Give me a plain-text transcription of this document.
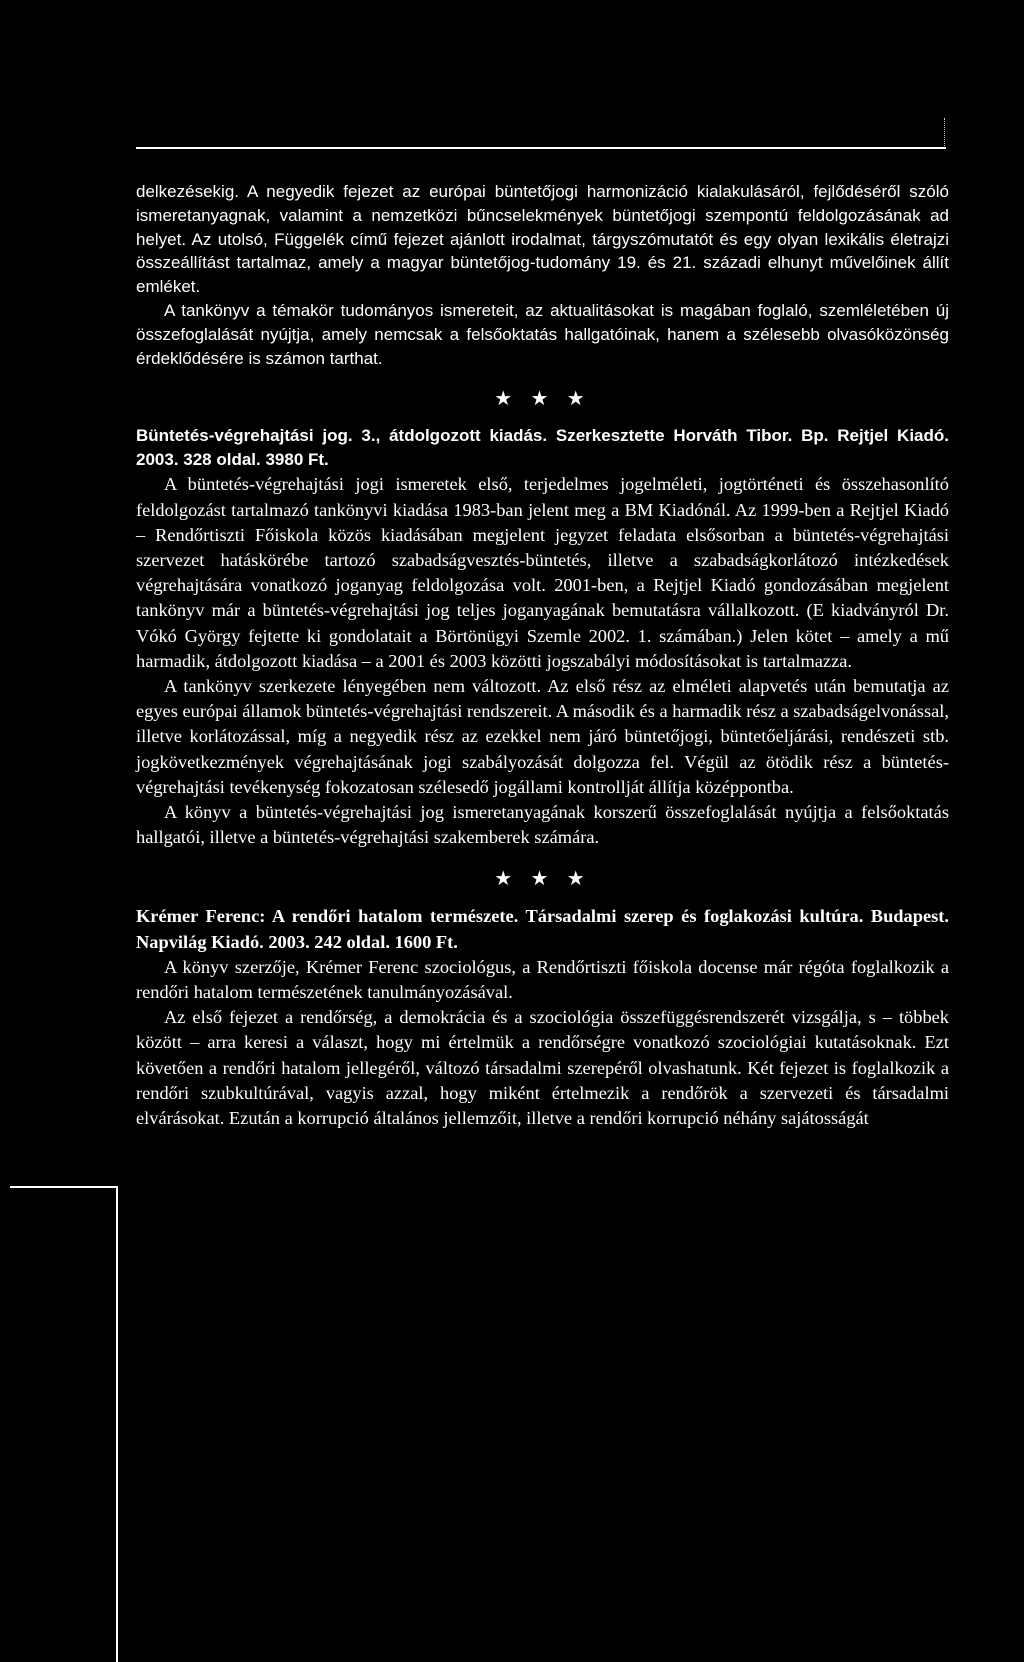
delkezésekig. A negyedik fejezet az európai büntetőjogi harmonizáció kialakulásáról, fejlődéséről szóló ismeretanyagnak, valamint a nemzetközi bűncselekmények büntetőjogi szempontú feldolgozásának ad helyet. Az utolsó, Függelék című fejezet ajánlott irodalmat, tárgyszómutatót és egy olyan lexikális életrajzi összeállítást tartalmaz, amely a magyar büntetőjog-tudomány 19. és 21. századi elhunyt művelőinek állít emléket.

A tankönyv a témakör tudományos ismereteit, az aktualitásokat is magában foglaló, szemléletében új összefoglalását nyújtja, amely nemcsak a felsőoktatás hallgatóinak, hanem a szélesebb olvasóközönség érdeklődésére is számon tarthat.

★ ★ ★

Büntetés-végrehajtási jog. 3., átdolgozott kiadás. Szerkesztette Horváth Tibor. Bp. Rejtjel Kiadó. 2003. 328 oldal. 3980 Ft.

A büntetés-végrehajtási jogi ismeretek első, terjedelmes jogelméleti, jogtörténeti és összehasonlító feldolgozást tartalmazó tankönyvi kiadása 1983-ban jelent meg a BM Kiadónál. Az 1999-ben a Rejtjel Kiadó – Rendőrtiszti Főiskola közös kiadásában megjelent jegyzet feladata elsősorban a büntetés-végrehajtási szervezet hatáskörébe tartozó szabadságvesztés-büntetés, illetve a szabadságkorlátozó intézkedések végrehajtására vonatkozó joganyag feldolgozása volt. 2001-ben, a Rejtjel Kiadó gondozásában megjelent tankönyv már a büntetés-végrehajtási jog teljes joganyagának bemutatásra vállalkozott. (E kiadványról Dr. Vókó György fejtette ki gondolatait a Börtönügyi Szemle 2002. 1. számában.) Jelen kötet – amely a mű harmadik, átdolgozott kiadása – a 2001 és 2003 közötti jogszabályi módosításokat is tartalmazza.

A tankönyv szerkezete lényegében nem változott. Az első rész az elméleti alapvetés után bemutatja az egyes európai államok büntetés-végrehajtási rendszereit. A második és a harmadik rész a szabadságelvonással, illetve korlátozással, míg a negyedik rész az ezekkel nem járó büntetőjogi, büntetőeljárási, rendészeti stb. jogkövetkezmények végrehajtásának jogi szabályozását dolgozza fel. Végül az ötödik rész a büntetés-végrehajtási tevékenység fokozatosan szélesedő jogállami kontrollját állítja középpontba.

A könyv a büntetés-végrehajtási jog ismeretanyagának korszerű összefoglalását nyújtja a felsőoktatás hallgatói, illetve a büntetés-végrehajtási szakemberek számára.

★ ★ ★

Krémer Ferenc: A rendőri hatalom természete. Társadalmi szerep és foglakozási kultúra. Budapest. Napvilág Kiadó. 2003. 242 oldal. 1600 Ft.

A könyv szerzője, Krémer Ferenc szociológus, a Rendőrtiszti főiskola docense már régóta foglalkozik a rendőri hatalom természetének tanulmányozásával.

Az első fejezet a rendőrség, a demokrácia és a szociológia összefüggésrendszerét vizsgálja, s – többek között – arra keresi a választ, hogy mi értelmük a rendőrségre vonatkozó szociológiai kutatásoknak. Ezt követően a rendőri hatalom jellegéről, változó társadalmi szerepéről olvashatunk. Két fejezet is foglalkozik a rendőri szubkultúrával, vagyis azzal, hogy miként értelmezik a rendőrök a szervezeti és társadalmi elvárásokat. Ezután a korrupció általános jellemzőit, illetve a rendőri korrupció néhány sajátosságát
